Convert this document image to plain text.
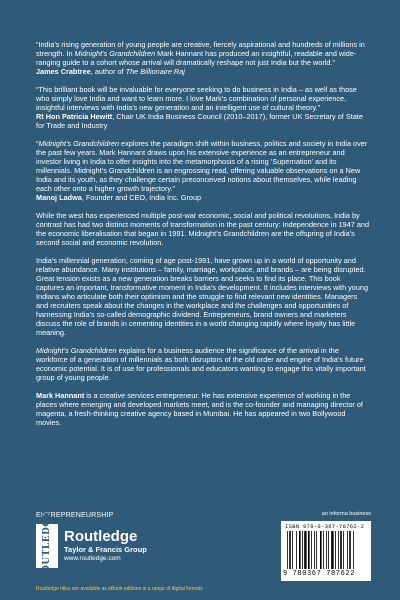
“India’s rising generation of young people are creative, fiercely aspirational and hundreds of millions in strength. In Midnight’s Grandchildren Mark Hannant has produced an insightful, readable and wide-ranging guide to a cohort whose arrival will dramatically reshape not just India but the world.”
James Crabtree, author of The Billionaire Raj

“This brilliant book will be invaluable for everyone seeking to do business in India – as well as those who simply love India and want to learn more. I love Mark’s combination of personal experience, insightful interviews with India’s new generation and an intelligent use of cultural theory.”
Rt Hon Patricia Hewitt, Chair UK India Business Council (2010–2017), former UK Secretary of State for Trade and Industry

“Midnight’s Grandchildren explores the paradigm shift within business, politics and society in India over the past few years. Mark Hannant draws upon his extensive experience as an entrepreneur and investor living in India to offer insights into the metamorphosis of a rising ‘Supernation’ and its millennials. Midnight’s Grandchildren is an engrossing read, offering valuable observations on a New India and its youth, as they challenge certain preconceived notions about themselves, while leading each other onto a higher growth trajectory.”
Manoj Ladwa, Founder and CEO, India Inc. Group

While the west has experienced multiple post-war economic, social and political revolutions, India by contrast has had two distinct moments of transformation in the past century: Independence in 1947 and the economic liberalisation that began in 1991. Midnight’s Grandchildren are the offspring of India’s second social and economic revolution.

India’s millennial generation, coming of age post-1991, have grown up in a world of opportunity and relative abundance. Many institutions – family, marriage, workplace, and brands – are being disrupted. Great tension exists as a new generation breaks barriers and seeks to find its place. This book captures an important, transformative moment in India’s development. It includes interviews with young Indians who articulate both their optimism and the struggle to find relevant new identities. Managers and recruiters speak about the changes in the workplace and the challenges and opportunities of harnessing India’s so-called demographic dividend. Entrepreneurs, brand owners and marketers discuss the role of brands in cementing identities in a world changing rapidly where loyalty has little meaning.

Midnight’s Grandchildren explains for a business audience the significance of the arrival in the workforce of a generation of millennials as both disruptors of the old order and engine of India’s future economic potential. It is of use for professionals and educators wanting to engage this vitally important group of young people.

Mark Hannant is a creative services entrepreneur. He has extensive experience of working in the places where emerging and developed markets meet, and is the co-founder and managing director of magenta, a fresh-thinking creative agency based in Mumbai. He has appeared in two Bollywood movies.

ENTREPRENEURSHIP
ROUTLEDGE Routledge
Taylor & Francis Group
www.routledge.com
an informa business
ISBN 978-0-367-78762-2
9 780367 787622
Routledge titles are available as eBook editions in a range of digital formats
